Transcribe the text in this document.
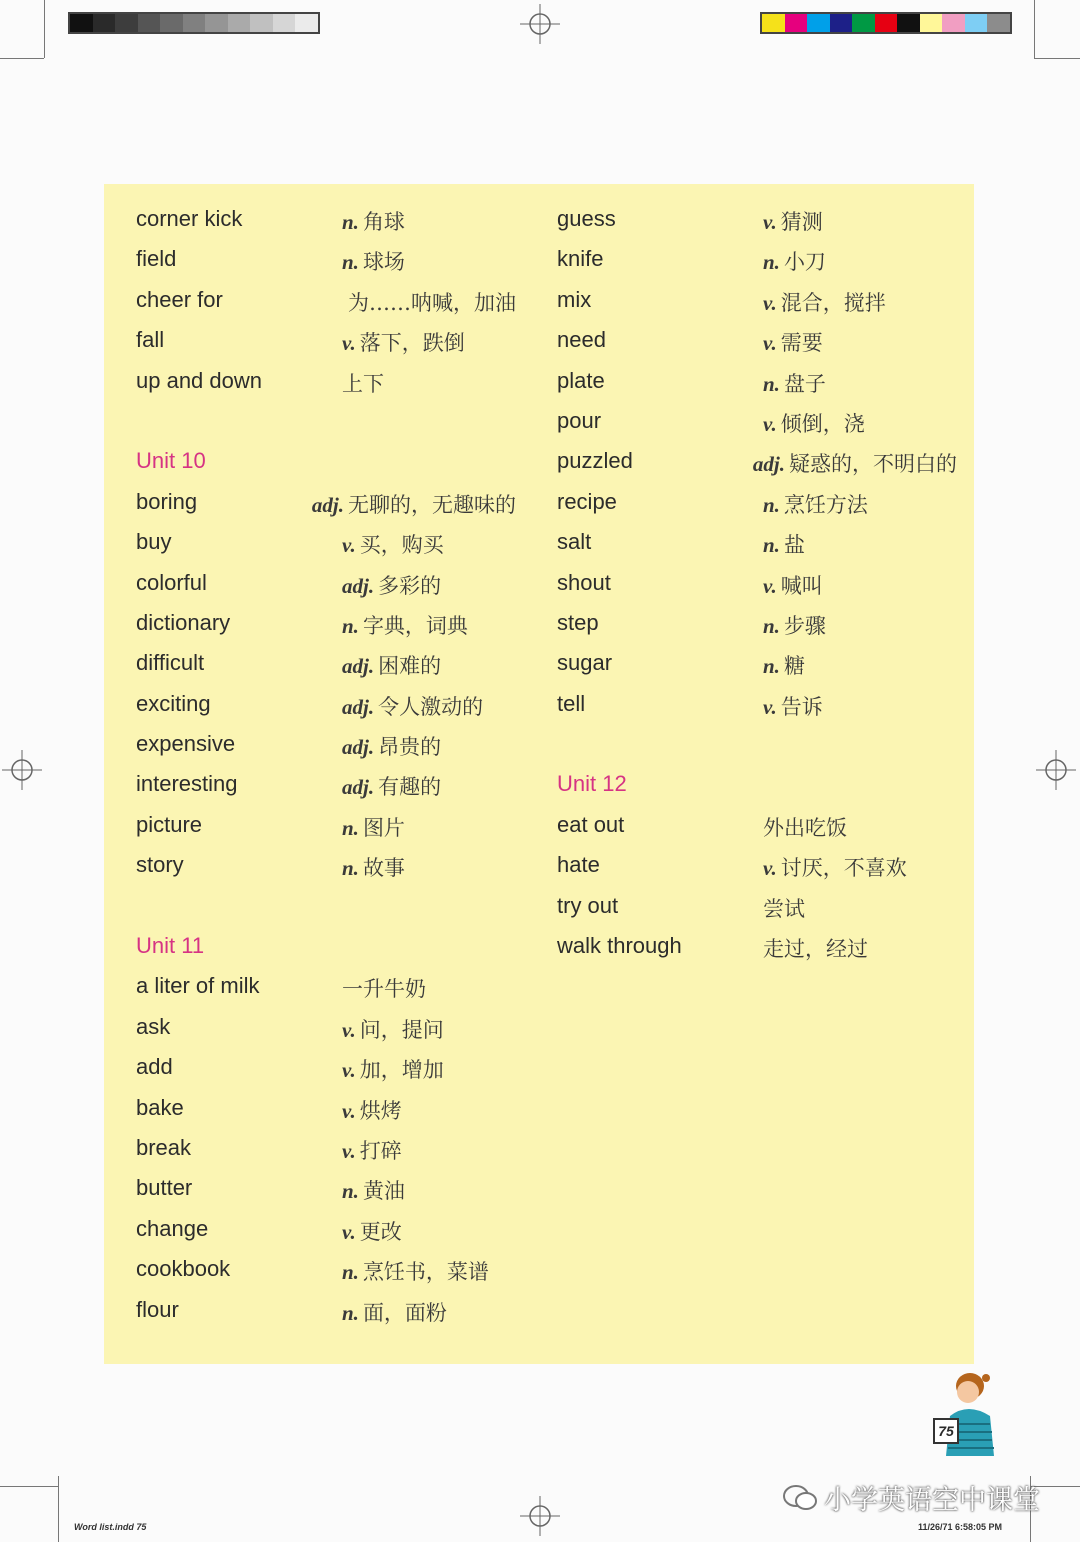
corner kick	n. 角球
field	n. 球场
cheer for	为……呐喊，加油
fall	v. 落下，跌倒
up and down	上下
Unit 10
boring	adj. 无聊的，无趣味的
buy	v. 买，购买
colorful	adj. 多彩的
dictionary	n. 字典，词典
difficult	adj. 困难的
exciting	adj. 令人激动的
expensive	adj. 昂贵的
interesting	adj. 有趣的
picture	n. 图片
story	n. 故事
Unit 11
a liter of milk	一升牛奶
ask	v. 问，提问
add	v. 加，增加
bake	v. 烘烤
break	v. 打碎
butter	n. 黄油
change	v. 更改
cookbook	n. 烹饪书，菜谱
flour	n. 面，面粉
guess	v. 猜测
knife	n. 小刀
mix	v. 混合，搅拌
need	v. 需要
plate	n. 盘子
pour	v. 倾倒，浇
puzzled	adj. 疑惑的，不明白的
recipe	n. 烹饪方法
salt	n. 盐
shout	v. 喊叫
step	n. 步骤
sugar	n. 糖
tell	v. 告诉
Unit 12
eat out	外出吃饭
hate	v. 讨厌，不喜欢
try out	尝试
walk through	走过，经过
75
小学英语空中课堂
Word list.indd 75	11/26/71 6:58:05 PM
